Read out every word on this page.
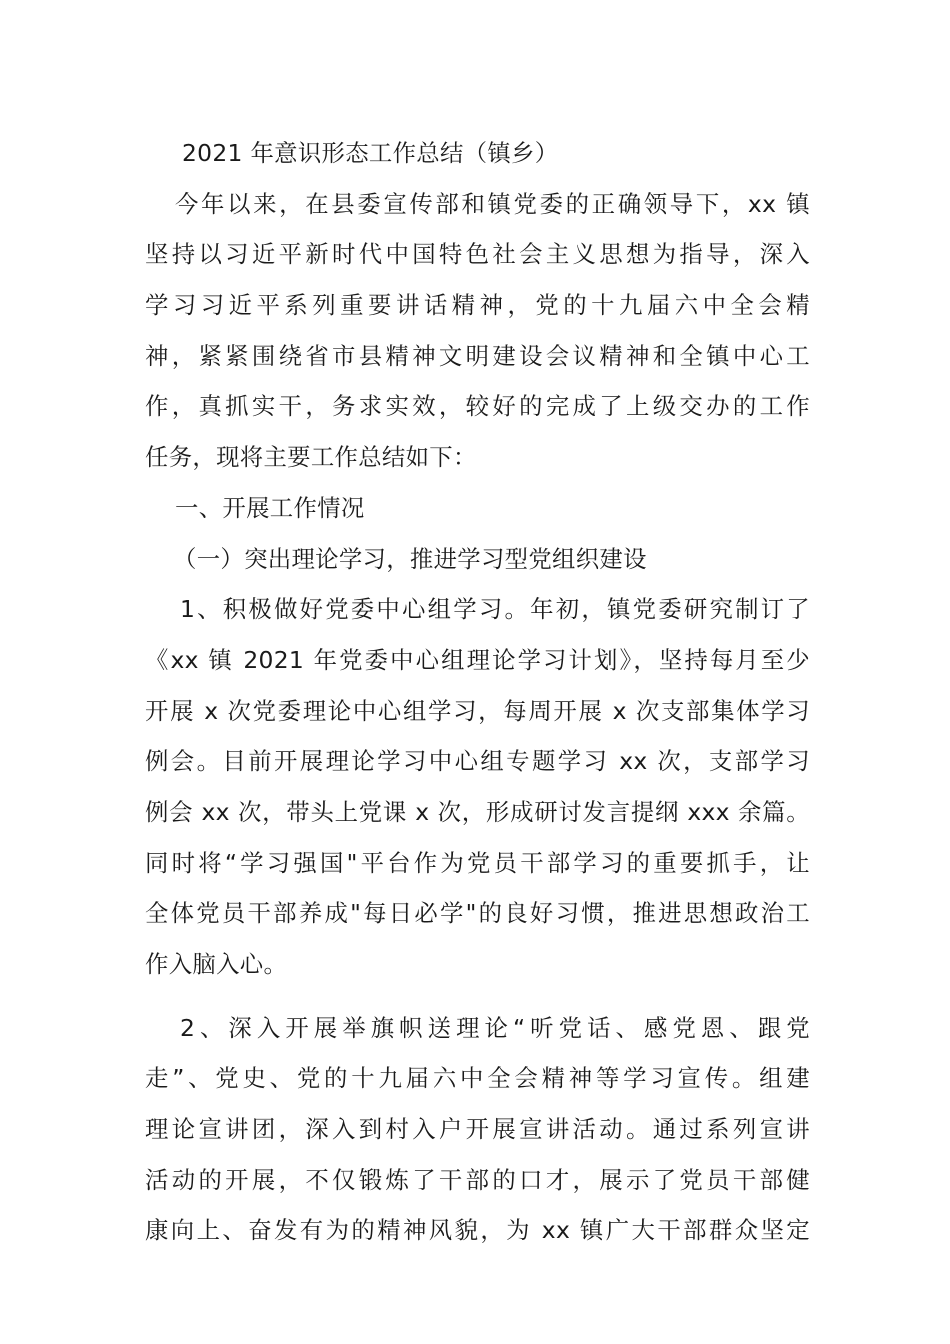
2021 年意识形态工作总结（镇乡）
今年以来，在县委宣传部和镇党委的正确领导下，xx 镇
坚持以习近平新时代中国特色社会主义思想为指导，深入
学习习近平系列重要讲话精神，党的十九届六中全会精
神，紧紧围绕省市县精神文明建设会议精神和全镇中心工
作，真抓实干，务求实效，较好的完成了上级交办的工作
任务，现将主要工作总结如下：
一、开展工作情况
（一）突出理论学习，推进学习型党组织建设
1、积极做好党委中心组学习。年初，镇党委研究制订了
《xx 镇 2021 年党委中心组理论学习计划》，坚持每月至少
开展 x 次党委理论中心组学习，每周开展 x 次支部集体学习
例会。目前开展理论学习中心组专题学习 xx 次，支部学习
例会 xx 次，带头上党课 x 次，形成研讨发言提纲 xxx 余篇。
同时将“学习强国"平台作为党员干部学习的重要抓手，让
全体党员干部养成"每日必学"的良好习惯，推进思想政治工
作入脑入心。
2、深入开展举旗帜送理论“听党话、感党恩、跟党
走”、党史、党的十九届六中全会精神等学习宣传。组建
理论宣讲团，深入到村入户开展宣讲活动。通过系列宣讲
活动的开展，不仅锻炼了干部的口才，展示了党员干部健
康向上、奋发有为的精神风貌，为 xx 镇广大干部群众坚定
